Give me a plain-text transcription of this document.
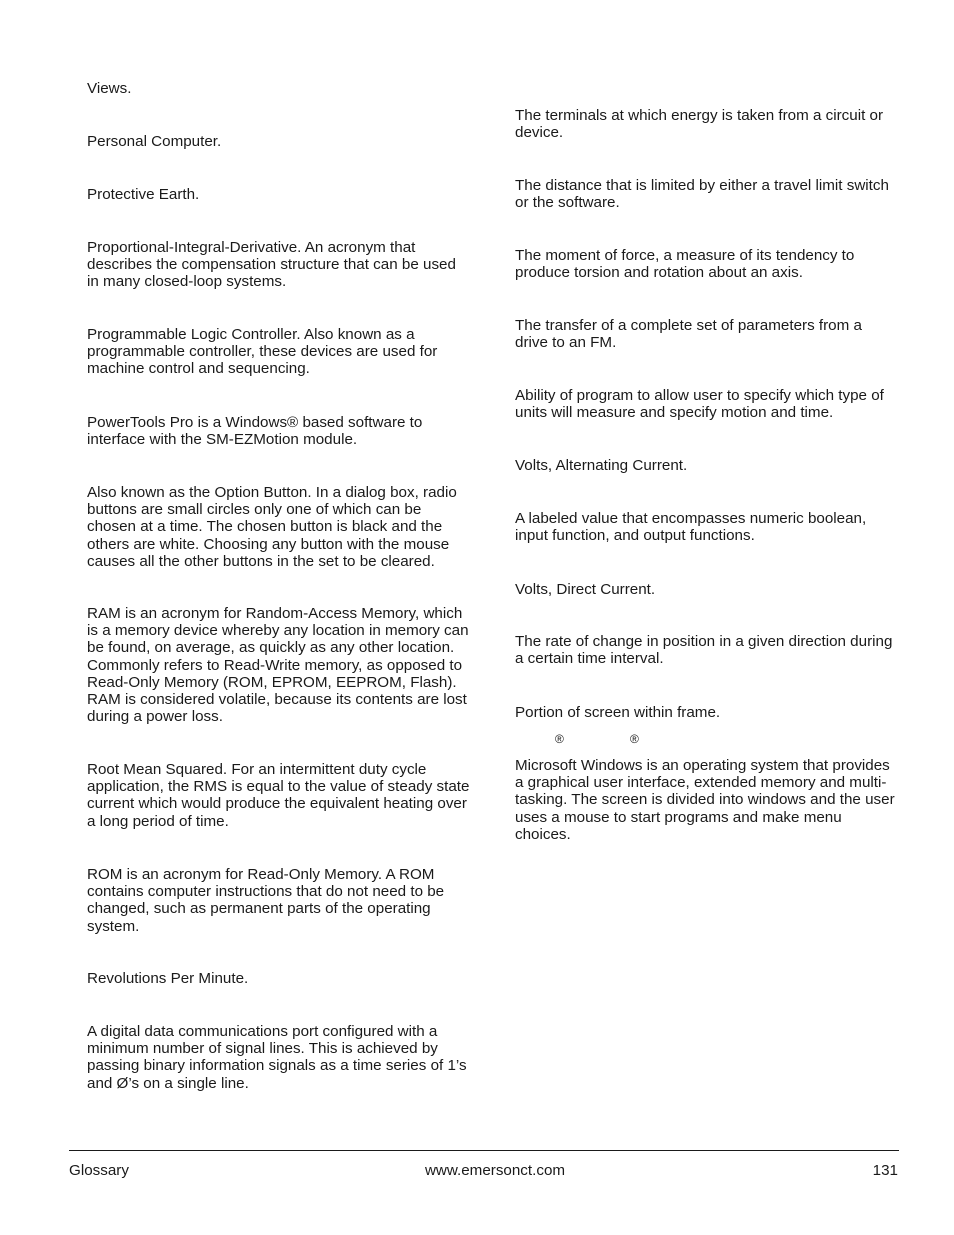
Views.

Personal Computer.

Protective Earth.

Proportional-Integral-Derivative. An acronym that describes the compensation structure that can be used in many closed-loop systems.

Programmable Logic Controller. Also known as a programmable controller, these devices are used for machine control and sequencing.

PowerTools Pro is a Windows® based software to interface with the SM-EZMotion module.

Also known as the Option Button. In a dialog box, radio buttons are small circles only one of which can be chosen at a time. The chosen button is black and the others are white. Choosing any button with the mouse causes all the other buttons in the set to be cleared.

RAM is an acronym for Random-Access Memory, which is a memory device whereby any location in memory can be found, on average, as quickly as any other location. Commonly refers to Read-Write memory, as opposed to Read-Only Memory (ROM, EPROM, EEPROM, Flash). RAM is considered volatile, because its contents are lost during a power loss.

Root Mean Squared. For an intermittent duty cycle application, the RMS is equal to the value of steady state current which would produce the equivalent heating over a long period of time.

ROM is an acronym for Read-Only Memory. A ROM contains computer instructions that do not need to be changed, such as permanent parts of the operating system.

Revolutions Per Minute.

A digital data communications port configured with a minimum number of signal lines. This is achieved by passing binary information signals as a time series of 1’s and Ø’s on a single line.

The terminals at which energy is taken from a circuit or device.

The distance that is limited by either a travel limit switch or the software.

The moment of force, a measure of its tendency to produce torsion and rotation about an axis.

The transfer of a complete set of parameters from a drive to an FM.

Ability of program to allow user to specify which type of units will measure and specify motion and time.

Volts, Alternating Current.

A labeled value that encompasses numeric boolean, input function, and output functions.

Volts, Direct Current.

The rate of change in position in a given direction during a certain time interval.

Portion of screen within frame.

®	®

Microsoft Windows is an operating system that provides a graphical user interface, extended memory and multi-tasking. The screen is divided into windows and the user uses a mouse to start programs and make menu choices.

Glossary	www.emersonct.com	131
